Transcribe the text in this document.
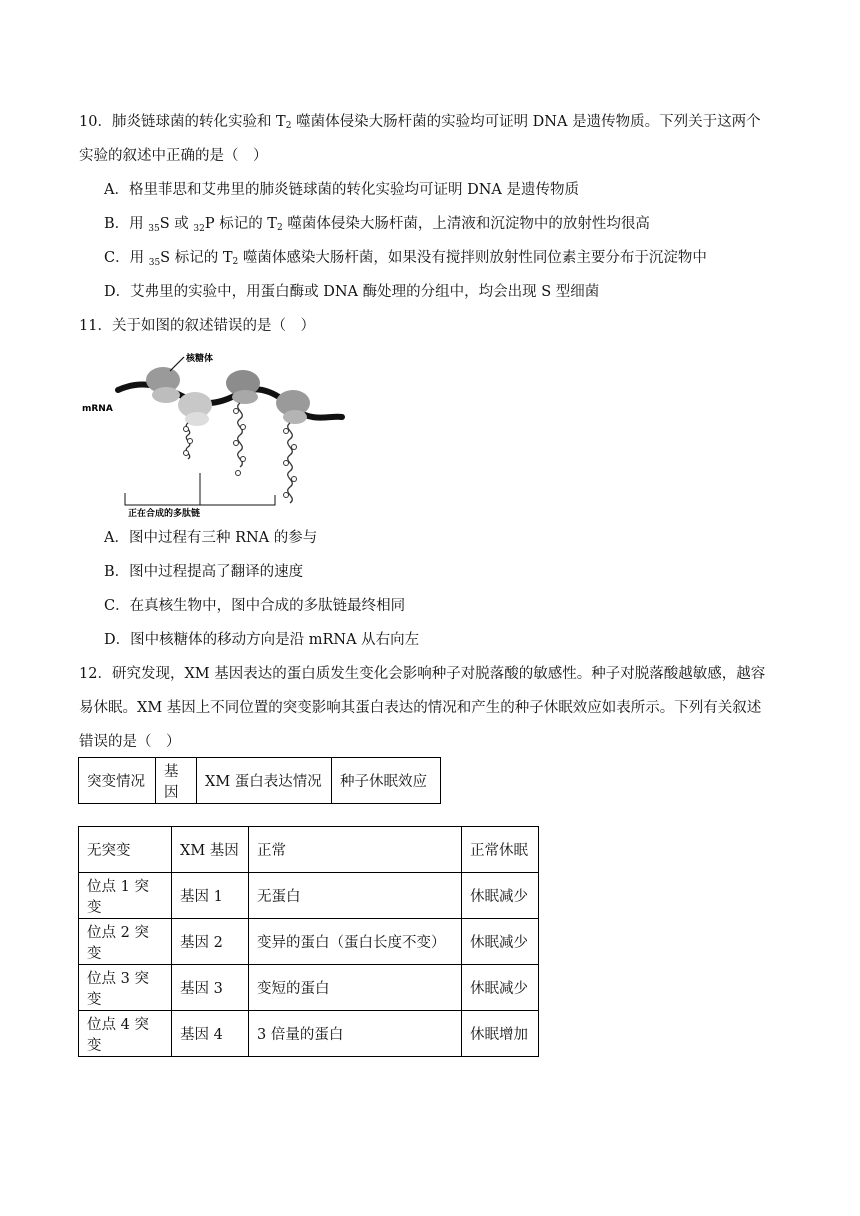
10．肺炎链球菌的转化实验和 $T_2$ 噬菌体侵染大肠杆菌的实验均可证明 DNA 是遗传物质。下列关于这两个
实验的叙述中正确的是（　）
A．格里菲思和艾弗里的肺炎链球菌的转化实验均可证明 DNA 是遗传物质
B．用 $_{35}$S 或 $_{32}$P 标记的 $T_2$ 噬菌体侵染大肠杆菌，上清液和沉淀物中的放射性均很高
C．用 $_{35}$S 标记的 $T_2$ 噬菌体感染大肠杆菌，如果没有搅拌则放射性同位素主要分布于沉淀物中
D．艾弗里的实验中，用蛋白酶或 DNA 酶处理的分组中，均会出现 S 型细菌
11．关于如图的叙述错误的是（　）
核糖体
mRNA
正在合成的多肽链
A．图中过程有三种 RNA 的参与
B．图中过程提高了翻译的速度
C．在真核生物中，图中合成的多肽链最终相同
D．图中核糖体的移动方向是沿 mRNA 从右向左
12．研究发现，XM 基因表达的蛋白质发生变化会影响种子对脱落酸的敏感性。种子对脱落酸越敏感，越容
易休眠。XM 基因上不同位置的突变影响其蛋白表达的情况和产生的种子休眠效应如表所示。下列有关叙述
错误的是（　）
突变情况	基因	XM 蛋白表达情况	种子休眠效应
无突变	XM 基因	正常	正常休眠
位点 1 突变	基因 1	无蛋白	休眠减少
位点 2 突变	基因 2	变异的蛋白（蛋白长度不变）	休眠减少
位点 3 突变	基因 3	变短的蛋白	休眠减少
位点 4 突变	基因 4	3 倍量的蛋白	休眠增加
